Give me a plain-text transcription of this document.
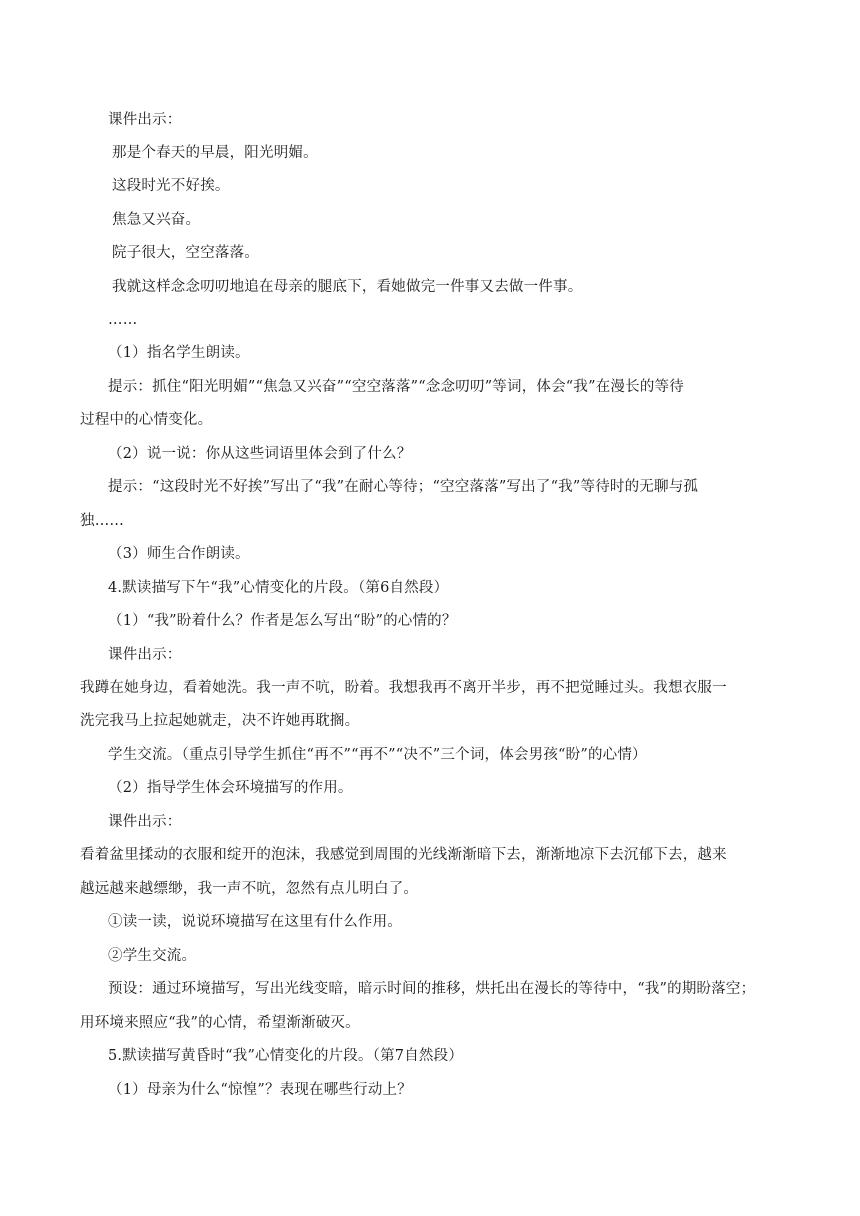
课件出示：
那是个春天的早晨，阳光明媚。
这段时光不好挨。
焦急又兴奋。
院子很大，空空落落。
我就这样念念叨叨地追在母亲的腿底下，看她做完一件事又去做一件事。
……
（1）指名学生朗读。
提示：抓住“阳光明媚”“焦急又兴奋”“空空落落”“念念叨叨”等词，体会“我”在漫长的等待
过程中的心情变化。
（2）说一说：你从这些词语里体会到了什么？
提示：“这段时光不好挨”写出了“我”在耐心等待；“空空落落”写出了“我”等待时的无聊与孤
独……
（3）师生合作朗读。
4.默读描写下午“我”心情变化的片段。（第6自然段）
（1）“我”盼着什么？作者是怎么写出“盼”的心情的？
课件出示：
我蹲在她身边，看着她洗。我一声不吭，盼着。我想我再不离开半步，再不把觉睡过头。我想衣服一
洗完我马上拉起她就走，决不许她再耽搁。
学生交流。（重点引导学生抓住“再不”“再不”“决不”三个词，体会男孩“盼”的心情）
（2）指导学生体会环境描写的作用。
课件出示：
看着盆里揉动的衣服和绽开的泡沫，我感觉到周围的光线渐渐暗下去，渐渐地凉下去沉郁下去，越来
越远越来越缥缈，我一声不吭，忽然有点儿明白了。
①读一读，说说环境描写在这里有什么作用。
②学生交流。
预设：通过环境描写，写出光线变暗，暗示时间的推移，烘托出在漫长的等待中，“我”的期盼落空；
用环境来照应“我”的心情，希望渐渐破灭。
5.默读描写黄昏时“我”心情变化的片段。（第7自然段）
（1）母亲为什么“惊惶”？表现在哪些行动上？
